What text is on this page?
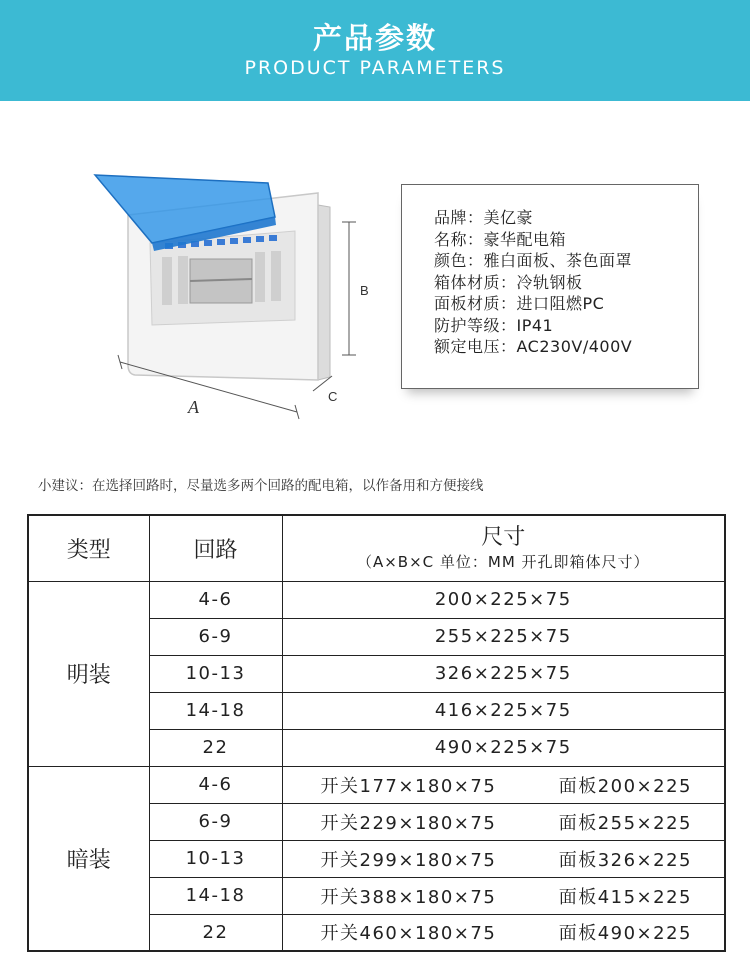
产品参数
PRODUCT PARAMETERS
B
A
C
品牌：美亿豪
名称：豪华配电箱
颜色：雅白面板、茶色面罩
箱体材质：冷轨钢板
面板材质：进口阻燃PC
防护等级：IP41
额定电压：AC230V/400V
小建议：在选择回路时，尽量选多两个回路的配电箱，以作备用和方便接线
类型	回路	尺寸
（A×B×C 单位：MM 开孔即箱体尺寸）

明装	4-6	200×225×75
	6-9	255×225×75
	10-13	326×225×75
	14-18	416×225×75
	22	490×225×75
暗装	4-6	开关177×180×75 面板200×225

	6-9	开关229×180×75 面板255×225

	10-13	开关299×180×75 面板326×225

	14-18	开关388×180×75 面板415×225

	22	开关460×180×75 面板490×225
